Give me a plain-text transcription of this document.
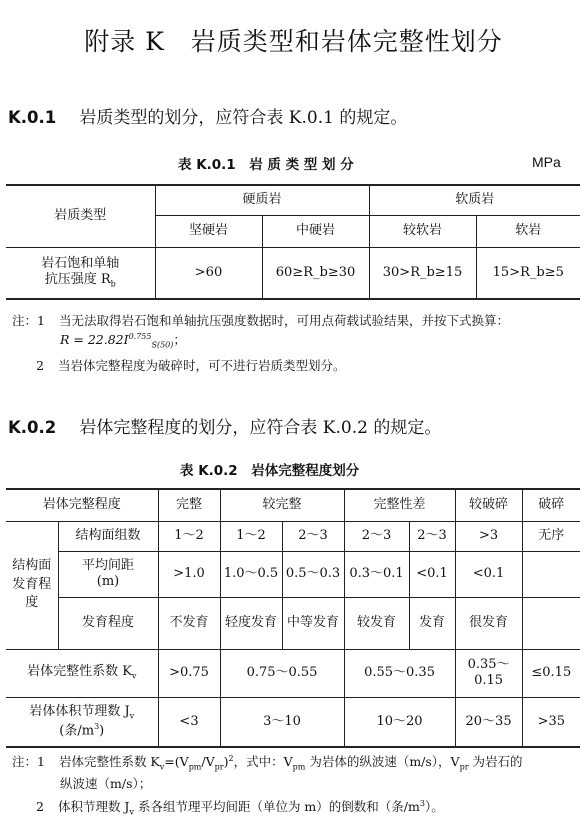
附录 K　岩质类型和岩体完整性划分
K.0.1 岩质类型的划分，应符合表 K.0.1 的规定。
表 K.0.1　岩 质 类 型 划 分	MPa
岩质类型	硬质岩		软质岩	
	坚硬岩	中硬岩	较软岩	软岩

岩石饱和单轴
抗压强度 $R_b$	>60	60≥R_b≥30	30>R_b≥15	15>R_b≥5
注：1 当无法取得岩石饱和单轴抗压强度数据时，可用点荷载试验结果，并按下式换算：
$R = 22.82I^{0.755}_{S(50)}$；
2 当岩体完整程度为破碎时，可不进行岩质类型划分。
K.0.2 岩体完整程度的划分，应符合表 K.0.2 的规定。
表 K.0.2　岩体完整程度划分
岩体完整程度		完整	较完整		完整性差		较破碎	破碎
结构面发育程度	结构面组数	1～2	1～2	2～3	2～3	2～3	>3	无序

	平均间距
(m)	>1.0	1.0～0.5	0.5～0.3	0.3～0.1	<0.1	<0.1	
	发育程度	不发育	轻度发育	中等发育	较发育	发育	很发育	
岩体完整性系数 $K_v$		>0.75	0.75～0.55		0.55～0.35		0.35～0.15	≤0.15

岩体体积节理数 $J_v$
(条$/m^3$)		<3	3～10		10～20		20～35	>35
注：1 岩体完整性系数 $K_v=(V_{pm}/V_{pr})^2$，式中：$V_{pm}$ 为岩体的纵波速（m/s），$V_{pr}$ 为岩石的
纵波速（m/s）；
2 体积节理数 $J_v$ 系各组节理平均间距（单位为 m）的倒数和（条$/m^3$）。
